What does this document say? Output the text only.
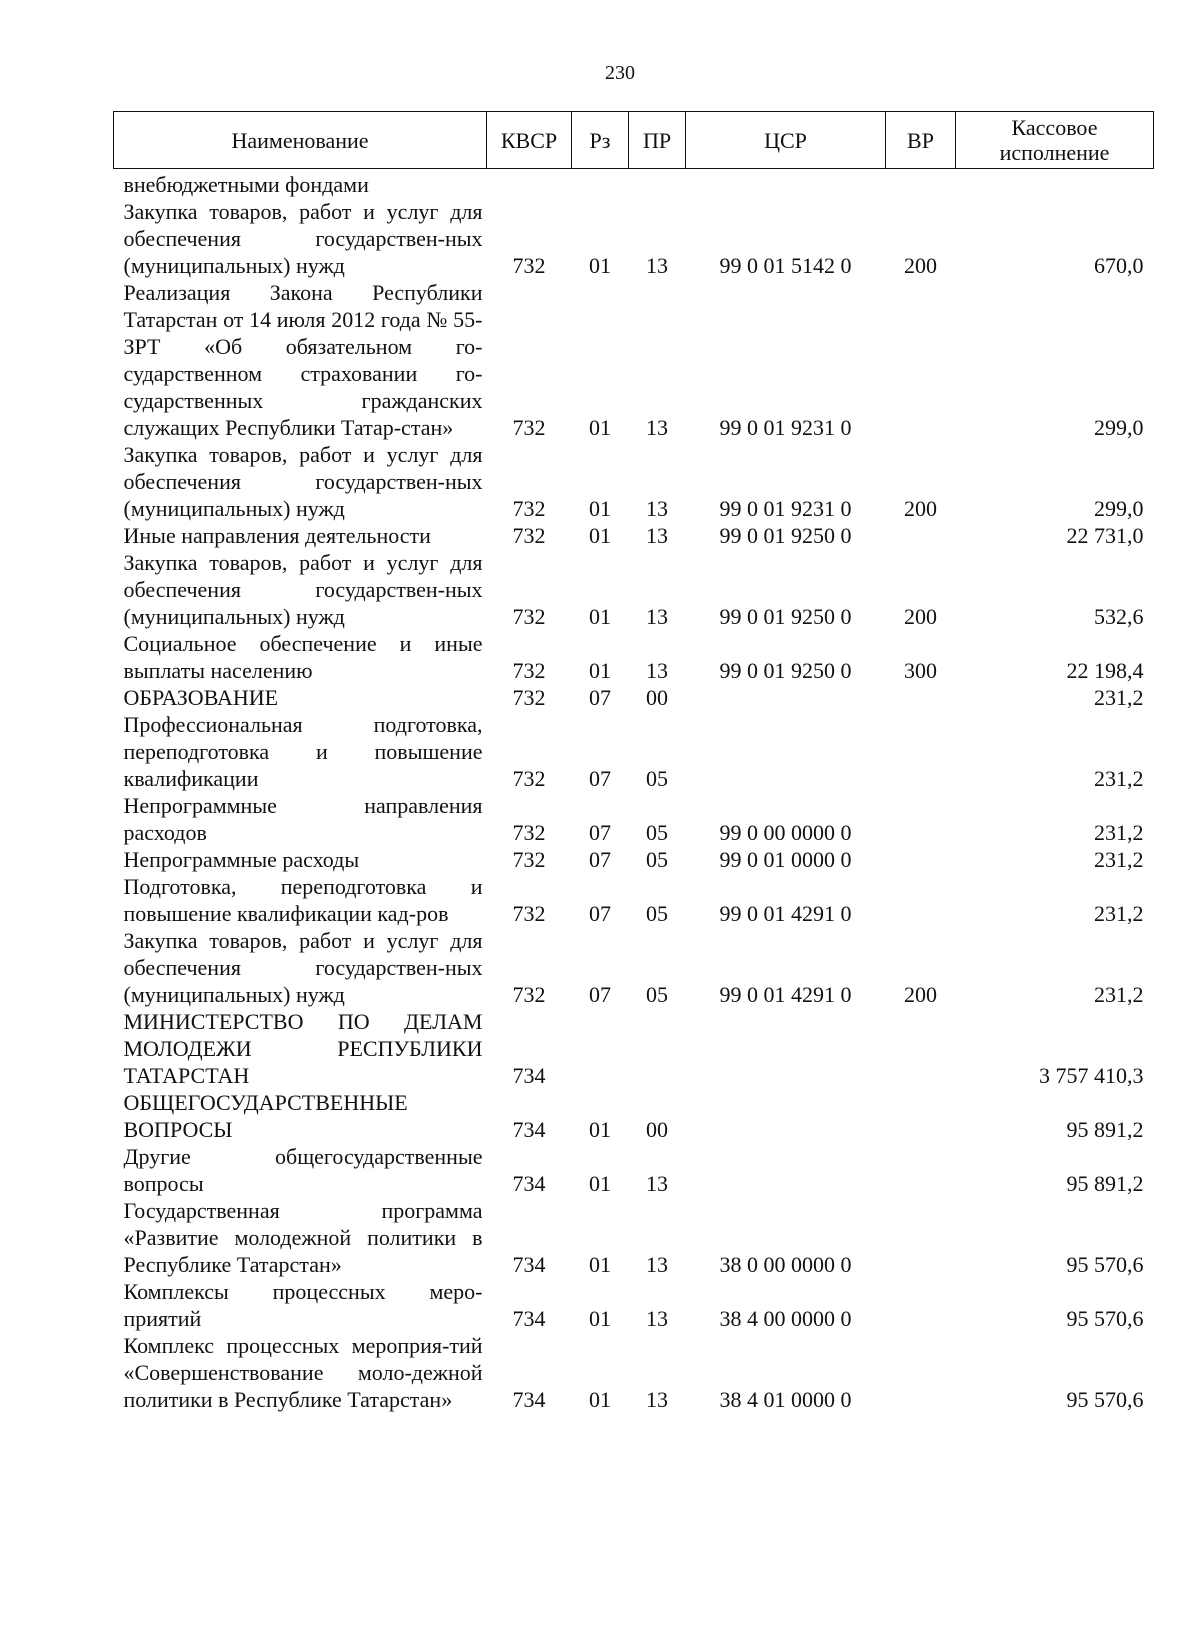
230
Наименование	КВСР	Рз	ПР	ЦСР	ВР	Кассовое исполнение
внебюджетными фондами						
Закупка товаров, работ и услуг для обеспечения государствен-ных (муниципальных) нужд	732	01	13	99 0 01 5142 0	200	670,0
Реализация Закона Республики Татарстан от 14 июля 2012 года № 55-ЗРТ «Об обязательном го-сударственном страховании го-сударственных гражданских служащих Республики Татар-стан»	732	01	13	99 0 01 9231 0		299,0
Закупка товаров, работ и услуг для обеспечения государствен-ных (муниципальных) нужд	732	01	13	99 0 01 9231 0	200	299,0
Иные направления деятельности	732	01	13	99 0 01 9250 0		22 731,0
Закупка товаров, работ и услуг для обеспечения государствен-ных (муниципальных) нужд	732	01	13	99 0 01 9250 0	200	532,6
Социальное обеспечение и иные выплаты населению	732	01	13	99 0 01 9250 0	300	22 198,4
ОБРАЗОВАНИЕ	732	07	00			231,2
Профессиональная подготовка, переподготовка и повышение квалификации	732	07	05			231,2
Непрограммные направления расходов	732	07	05	99 0 00 0000 0		231,2
Непрограммные расходы	732	07	05	99 0 01 0000 0		231,2
Подготовка, переподготовка и повышение квалификации кад-ров	732	07	05	99 0 01 4291 0		231,2
Закупка товаров, работ и услуг для обеспечения государствен-ных (муниципальных) нужд	732	07	05	99 0 01 4291 0	200	231,2
МИНИСТЕРСТВО ПО ДЕЛАМ МОЛОДЕЖИ РЕСПУБЛИКИ ТАТАРСТАН	734					3 757 410,3
ОБЩЕГОСУДАРСТВЕННЫЕ ВОПРОСЫ	734	01	00			95 891,2
Другие общегосударственные вопросы	734	01	13			95 891,2
Государственная программа «Развитие молодежной политики в Республике Татарстан»	734	01	13	38 0 00 0000 0		95 570,6
Комплексы процессных меро-приятий	734	01	13	38 4 00 0000 0		95 570,6
Комплекс процессных мероприя-тий «Совершенствование моло-дежной политики в Республике Татарстан»	734	01	13	38 4 01 0000 0		95 570,6
